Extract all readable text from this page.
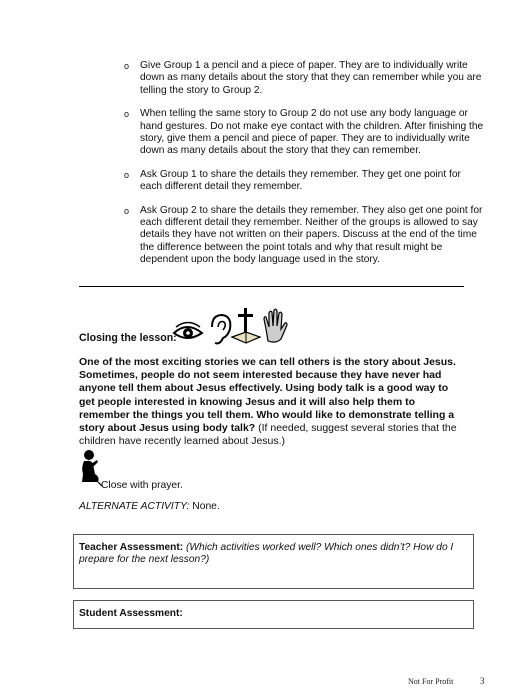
o Give Group 1 a pencil and a piece of paper. They are to individually write down as many details about the story that they can remember while you are telling the story to Group 2.
o When telling the same story to Group 2 do not use any body language or hand gestures. Do not make eye contact with the children. After finishing the story, give them a pencil and piece of paper. They are to individually write down as many details about the story that they can remember.
o Ask Group 1 to share the details they remember. They get one point for each different detail they remember.
o Ask Group 2 to share the details they remember. They also get one point for each different detail they remember. Neither of the groups is allowed to say details they have not written on their papers. Discuss at the end of the time the difference between the point totals and why that result might be dependent upon the body language used in the story.
Closing the lesson:
One of the most exciting stories we can tell others is the story about Jesus. Sometimes, people do not seem interested because they have never had anyone tell them about Jesus effectively. Using body talk is a good way to get people interested in knowing Jesus and it will also help them to remember the things you tell them. Who would like to demonstrate telling a story about Jesus using body talk? (If needed, suggest several stories that the children have recently learned about Jesus.)
Close with prayer.
ALTERNATE ACTIVITY: None.
Teacher Assessment: (Which activities worked well? Which ones didn’t? How do I prepare for the next lesson?)
Student Assessment:
Not For Profit	3
